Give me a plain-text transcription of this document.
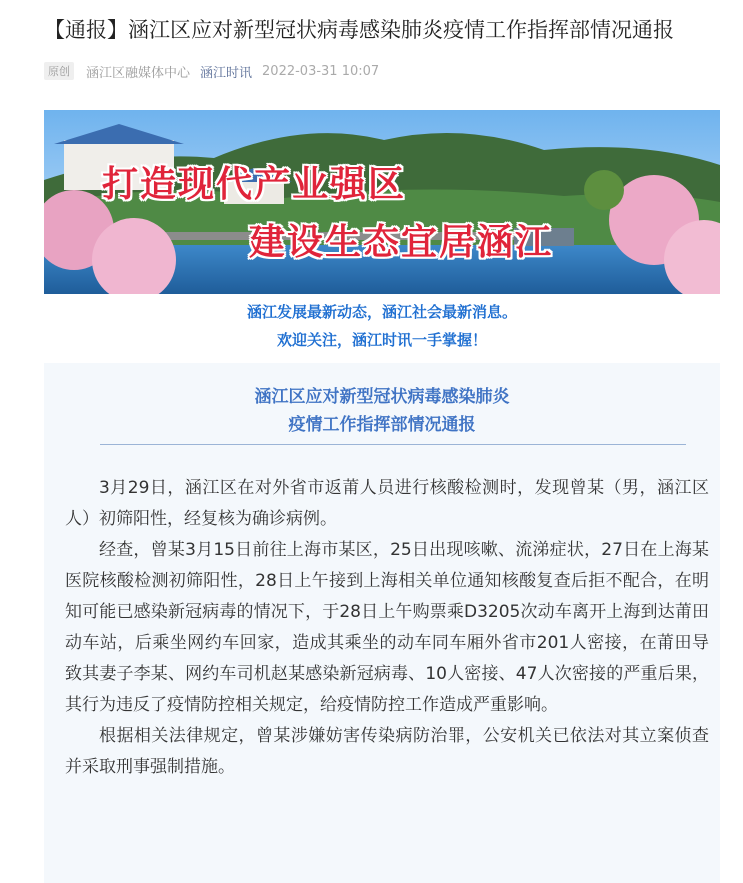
【通报】涵江区应对新型冠状病毒感染肺炎疫情工作指挥部情况通报
原创	涵江区融媒体中心 涵江时讯 2022-03-31 10:07
打造现代产业强区
建设生态宜居涵江
涵江发展最新动态，涵江社会最新消息。
欢迎关注，涵江时讯一手掌握！
涵江区应对新型冠状病毒感染肺炎
疫情工作指挥部情况通报

3月29日，涵江区在对外省市返莆人员进行核酸检测时，发现曾某（男，涵江区人）初筛阳性，经复核为确诊病例。

经查，曾某3月15日前往上海市某区，25日出现咳嗽、流涕症状，27日在上海某医院核酸检测初筛阳性，28日上午接到上海相关单位通知核酸复查后拒不配合，在明知可能已感染新冠病毒的情况下，于28日上午购票乘D3205次动车离开上海到达莆田动车站，后乘坐网约车回家，造成其乘坐的动车同车厢外省市201人密接，在莆田导致其妻子李某、网约车司机赵某感染新冠病毒、10人密接、47人次密接的严重后果，其行为违反了疫情防控相关规定，给疫情防控工作造成严重影响。

根据相关法律规定，曾某涉嫌妨害传染病防治罪，公安机关已依法对其立案侦查并采取刑事强制措施。
